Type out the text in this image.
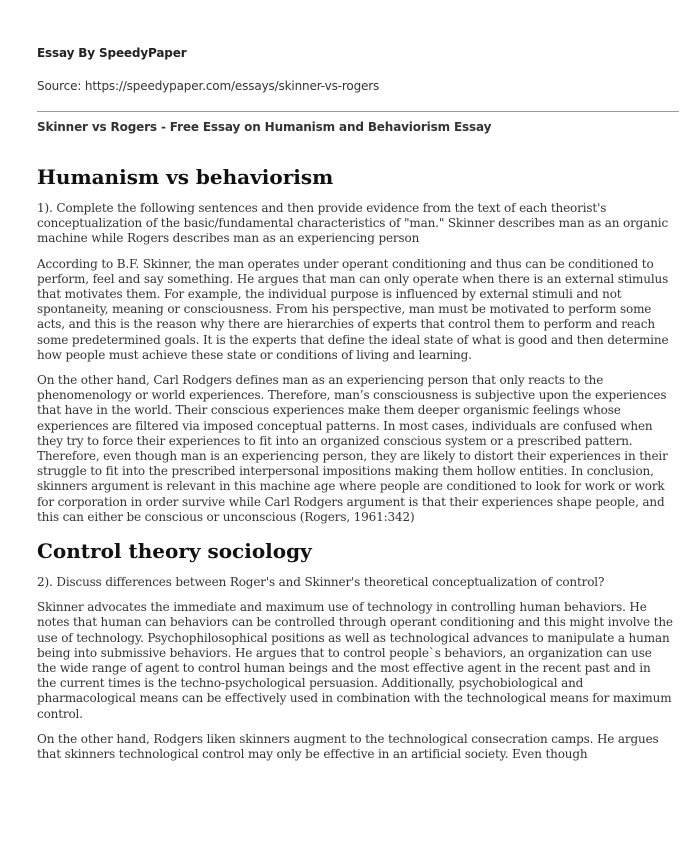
Essay By SpeedyPaper

Source: https://speedypaper.com/essays/skinner-vs-rogers

Skinner vs Rogers - Free Essay on Humanism and Behaviorism Essay

Humanism vs behaviorism

1). Complete the following sentences and then provide evidence from the text of each theorist's conceptualization of the basic/fundamental characteristics of "man." Skinner describes man as an organic machine while Rogers describes man as an experiencing person

According to B.F. Skinner, the man operates under operant conditioning and thus can be conditioned to perform, feel and say something. He argues that man can only operate when there is an external stimulus that motivates them. For example, the individual purpose is influenced by external stimuli and not spontaneity, meaning or consciousness. From his perspective, man must be motivated to perform some acts, and this is the reason why there are hierarchies of experts that control them to perform and reach some predetermined goals. It is the experts that define the ideal state of what is good and then determine how people must achieve these state or conditions of living and learning.

On the other hand, Carl Rodgers defines man as an experiencing person that only reacts to the phenomenology or world experiences. Therefore, man’s consciousness is subjective upon the experiences that have in the world. Their conscious experiences make them deeper organismic feelings whose experiences are filtered via imposed conceptual patterns. In most cases, individuals are confused when they try to force their experiences to fit into an organized conscious system or a prescribed pattern. Therefore, even though man is an experiencing person, they are likely to distort their experiences in their struggle to fit into the prescribed interpersonal impositions making them hollow entities. In conclusion, skinners argument is relevant in this machine age where people are conditioned to look for work or work for corporation in order survive while Carl Rodgers argument is that their experiences shape people, and this can either be conscious or unconscious (Rogers, 1961:342)

Control theory sociology

2). Discuss differences between Roger's and Skinner's theoretical conceptualization of control?

Skinner advocates the immediate and maximum use of technology in controlling human behaviors. He notes that human can behaviors can be controlled through operant conditioning and this might involve the use of technology. Psychophilosophical positions as well as technological advances to manipulate a human being into submissive behaviors. He argues that to control people`s behaviors, an organization can use the wide range of agent to control human beings and the most effective agent in the recent past and in the current times is the techno-psychological persuasion. Additionally, psychobiological and pharmacological means can be effectively used in combination with the technological means for maximum control.

On the other hand, Rodgers liken skinners augment to the technological consecration camps. He argues that skinners technological control may only be effective in an artificial society. Even though
